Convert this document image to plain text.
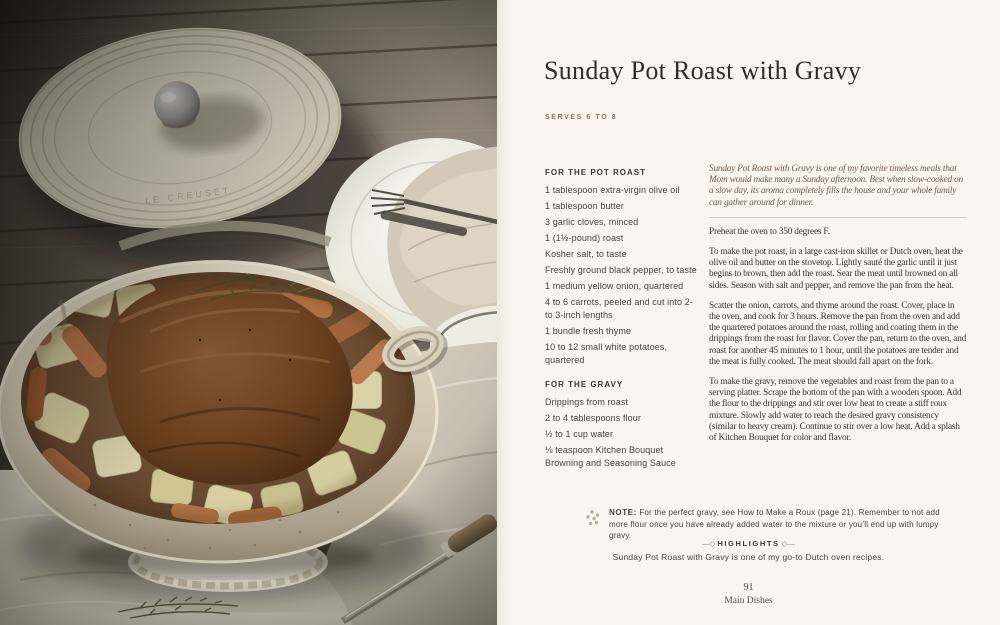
Sunday Pot Roast with Gravy
SERVES 6 TO 8
FOR THE POT ROAST
1 tablespoon extra-virgin olive oil
1 tablespoon butter
3 garlic cloves, minced
1 (1½-pound) roast
Kosher salt, to taste
Freshly ground black pepper, to taste
1 medium yellow onion, quartered
4 to 6 carrots, peeled and cut into 2- to 3-inch lengths
1 bundle fresh thyme
10 to 12 small white potatoes, quartered
FOR THE GRAVY
Drippings from roast
2 to 4 tablespoons flour
½ to 1 cup water
⅛ teaspoon Kitchen Bouquet Browning and Seasoning Sauce

Sunday Pot Roast with Gravy is one of my favorite timeless meals that Mom would make many a Sunday afternoon. Best when slow-cooked on a slow day, its aroma completely fills the house and your whole family can gather around for dinner.

Preheat the oven to 350 degrees F.

To make the pot roast, in a large cast-iron skillet or Dutch oven, heat the olive oil and butter on the stovetop. Lightly sauté the garlic until it just begins to brown, then add the roast. Sear the meat until browned on all sides. Season with salt and pepper, and remove the pan from the heat.

Scatter the onion, carrots, and thyme around the roast. Cover, place in the oven, and cook for 3 hours. Remove the pan from the oven and add the quartered potatoes around the roast, rolling and coating them in the drippings from the roast for flavor. Cover the pan, return to the oven, and roast for another 45 minutes to 1 hour, until the potatoes are tender and the meat is fully cooked. The meat should fall apart on the fork.

To make the gravy, remove the vegetables and roast from the pan to a serving platter. Scrape the bottom of the pan with a wooden spoon. Add the flour to the drippings and stir over low heat to create a stiff roux mixture. Slowly add water to reach the desired gravy consistency (similar to heavy cream). Continue to stir over a low heat. Add a splash of Kitchen Bouquet for color and flavor.

NOTE: For the perfect gravy, see How to Make a Roux (page 21). Remember to not add more flour once you have already added water to the mixture or you’ll end up with lumpy gravy.
—◇ HIGHLIGHTS ◇—
Sunday Pot Roast with Gravy is one of my go-to Dutch oven recipes.
91
Main Dishes
